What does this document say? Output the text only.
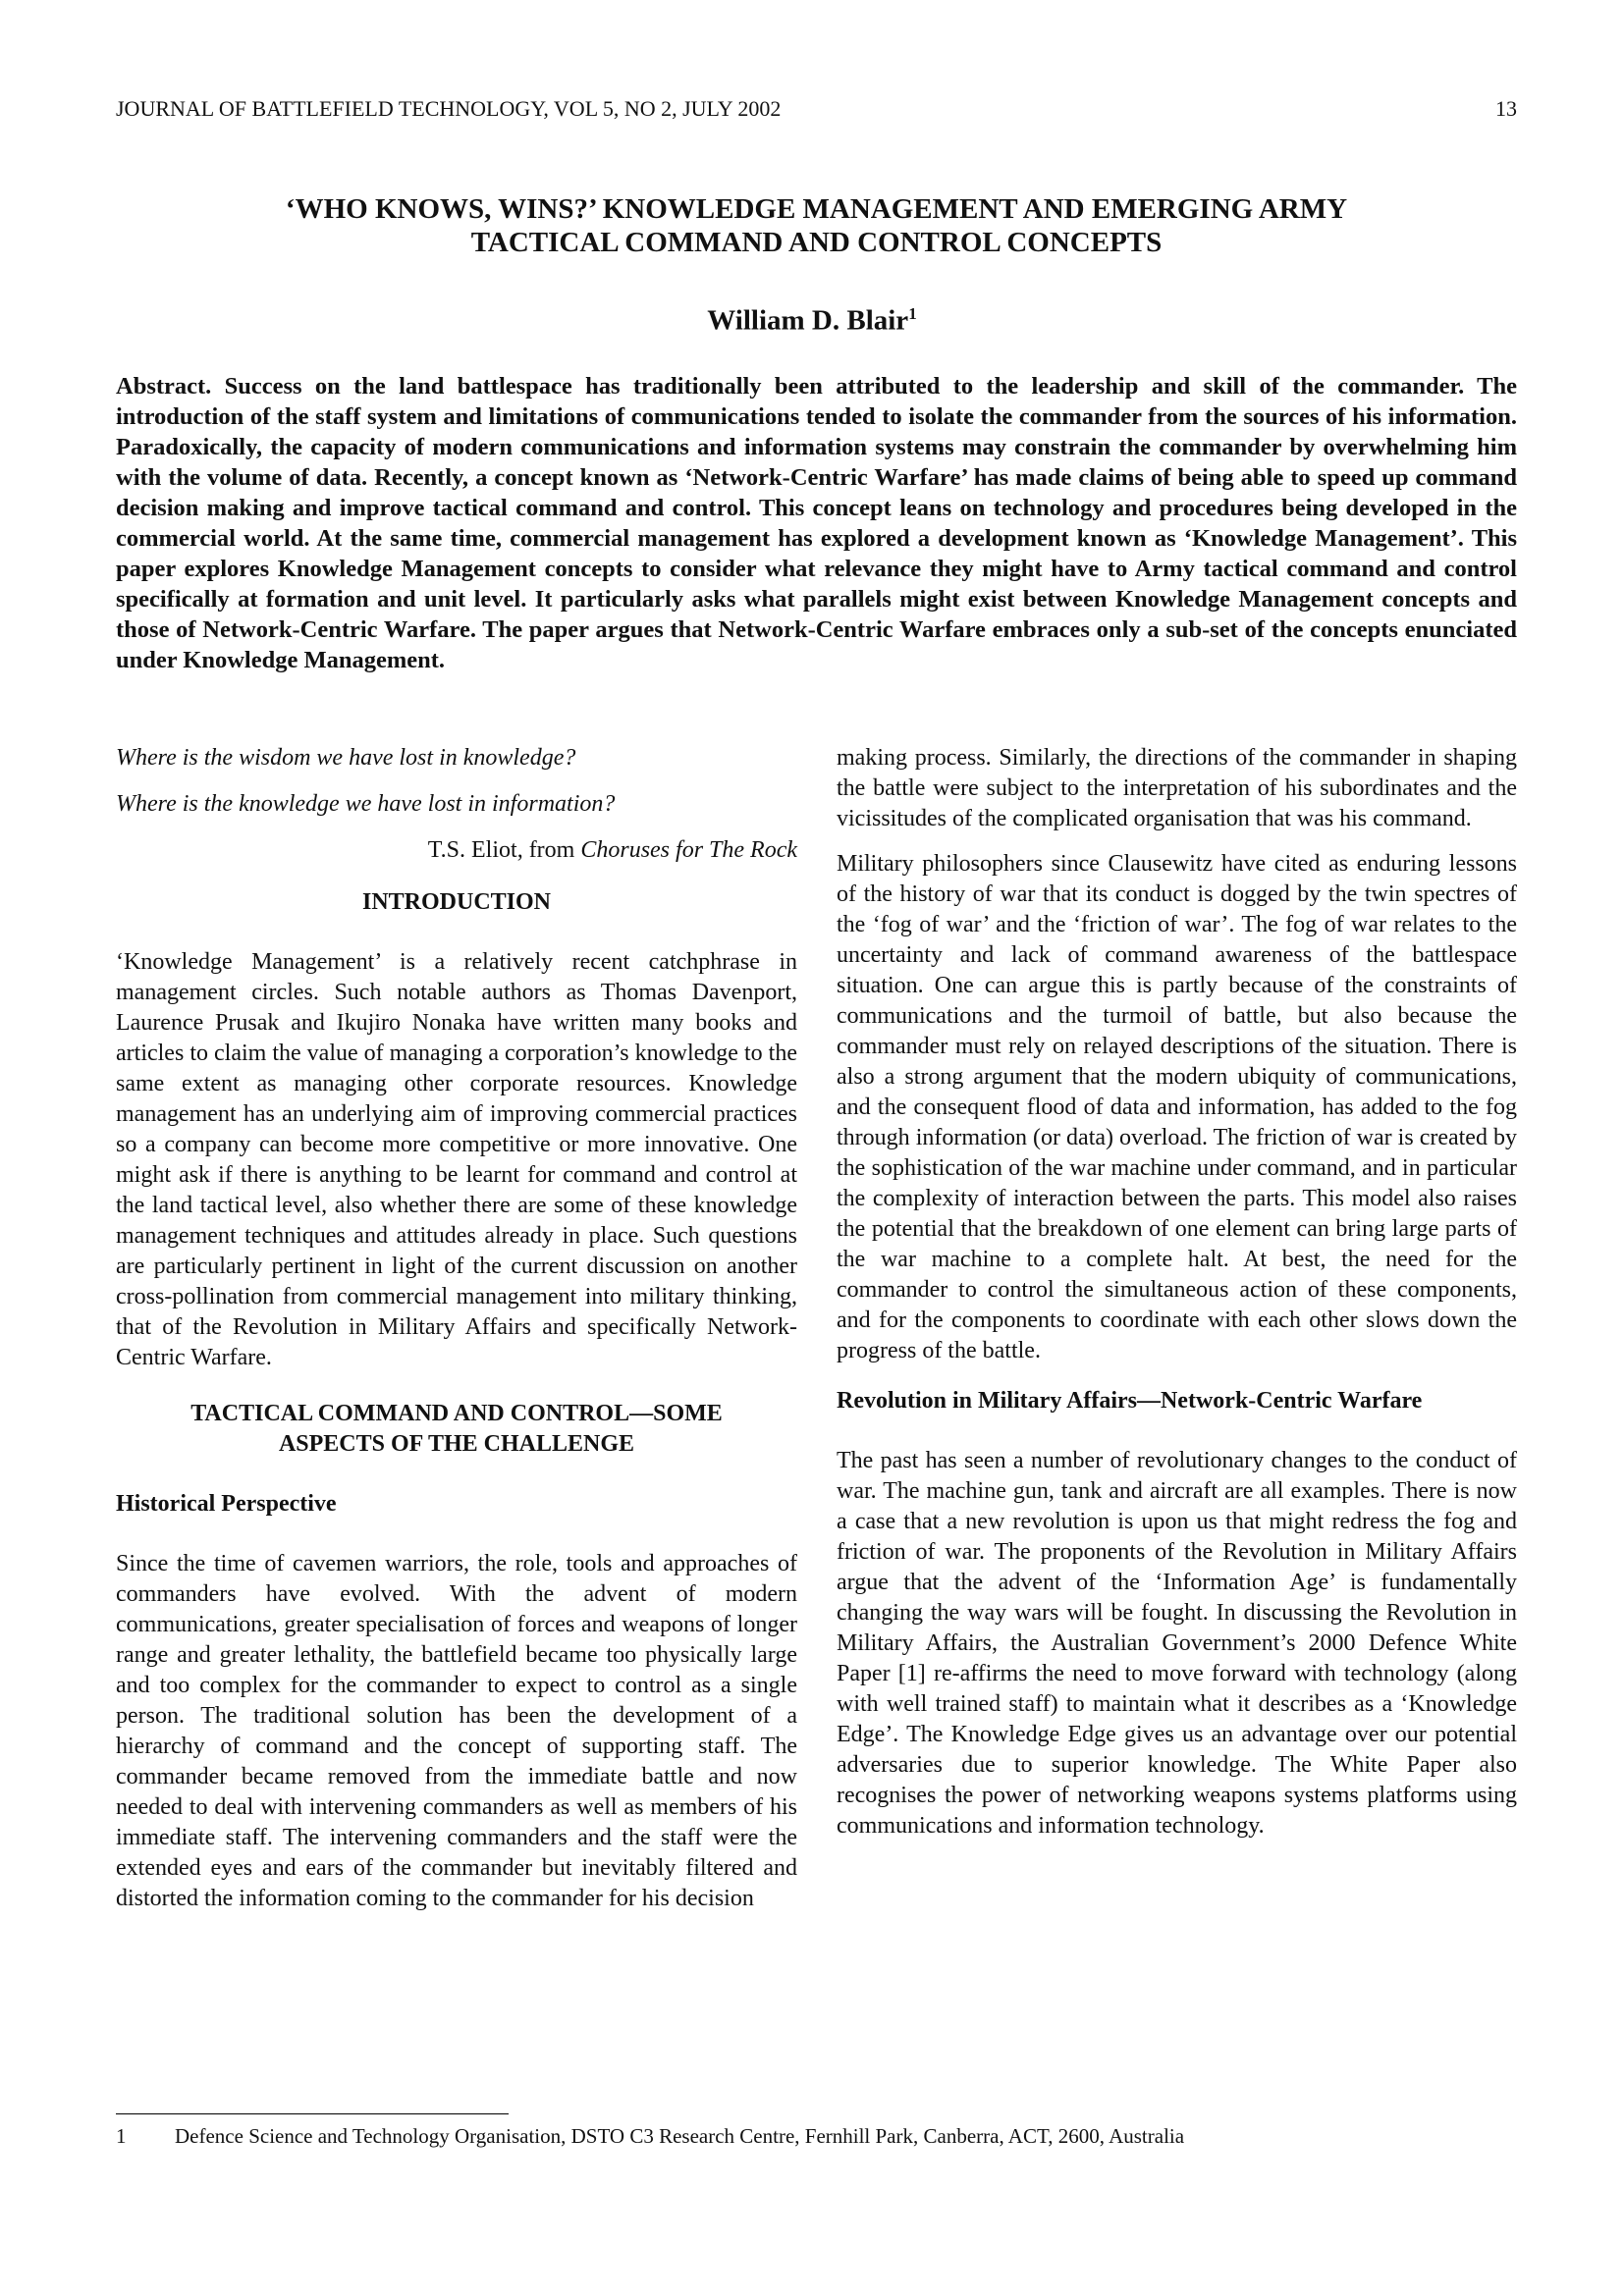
JOURNAL OF BATTLEFIELD TECHNOLOGY, VOL 5, NO 2, JULY 2002	13
‘WHO KNOWS, WINS?’ KNOWLEDGE MANAGEMENT AND EMERGING ARMY
TACTICAL COMMAND AND CONTROL CONCEPTS
William D. Blair$^1$
Abstract. Success on the land battlespace has traditionally been attributed to the leadership and skill of the commander. The introduction of the staff system and limitations of communications tended to isolate the commander from the sources of his information. Paradoxically, the capacity of modern communications and information systems may constrain the commander by overwhelming him with the volume of data. Recently, a concept known as ‘Network-Centric Warfare’ has made claims of being able to speed up command decision making and improve tactical command and control. This concept leans on technology and procedures being developed in the commercial world. At the same time, commercial management has explored a development known as ‘Knowledge Management’. This paper explores Knowledge Management concepts to consider what relevance they might have to Army tactical command and control specifically at formation and unit level. It particularly asks what parallels might exist between Knowledge Management concepts and those of Network-Centric Warfare. The paper argues that Network-Centric Warfare embraces only a sub-set of the concepts enunciated under Knowledge Management.
Where is the wisdom we have lost in knowledge?
Where is the knowledge we have lost in information?
T.S. Eliot, from Choruses for The Rock
INTRODUCTION

‘Knowledge Management’ is a relatively recent catchphrase in management circles. Such notable authors as Thomas Davenport, Laurence Prusak and Ikujiro Nonaka have written many books and articles to claim the value of managing a corporation’s knowledge to the same extent as managing other corporate resources. Knowledge management has an underlying aim of improving commercial practices so a company can become more competitive or more innovative. One might ask if there is anything to be learnt for command and control at the land tactical level, also whether there are some of these knowledge management techniques and attitudes already in place. Such questions are particularly pertinent in light of the current discussion on another cross-pollination from commercial management into military thinking, that of the Revolution in Military Affairs and specifically Network-Centric Warfare.

TACTICAL COMMAND AND CONTROL—SOME ASPECTS OF THE CHALLENGE
Historical Perspective

Since the time of cavemen warriors, the role, tools and approaches of commanders have evolved. With the advent of modern communications, greater specialisation of forces and weapons of longer range and greater lethality, the battlefield became too physically large and too complex for the commander to expect to control as a single person. The traditional solution has been the development of a hierarchy of command and the concept of supporting staff. The commander became removed from the immediate battle and now needed to deal with intervening commanders as well as members of his immediate staff. The intervening commanders and the staff were the extended eyes and ears of the commander but inevitably filtered and distorted the information coming to the commander for his decision

making process. Similarly, the directions of the commander in shaping the battle were subject to the interpretation of his subordinates and the vicissitudes of the complicated organisation that was his command.

Military philosophers since Clausewitz have cited as enduring lessons of the history of war that its conduct is dogged by the twin spectres of the ‘fog of war’ and the ‘friction of war’. The fog of war relates to the uncertainty and lack of command awareness of the battlespace situation. One can argue this is partly because of the constraints of communications and the turmoil of battle, but also because the commander must rely on relayed descriptions of the situation. There is also a strong argument that the modern ubiquity of communications, and the consequent flood of data and information, has added to the fog through information (or data) overload. The friction of war is created by the sophistication of the war machine under command, and in particular the complexity of interaction between the parts. This model also raises the potential that the breakdown of one element can bring large parts of the war machine to a complete halt. At best, the need for the commander to control the simultaneous action of these components, and for the components to coordinate with each other slows down the progress of the battle.

Revolution in Military Affairs—Network-Centric Warfare

The past has seen a number of revolutionary changes to the conduct of war. The machine gun, tank and aircraft are all examples. There is now a case that a new revolution is upon us that might redress the fog and friction of war. The proponents of the Revolution in Military Affairs argue that the advent of the ‘Information Age’ is fundamentally changing the way wars will be fought. In discussing the Revolution in Military Affairs, the Australian Government’s 2000 Defence White Paper [1] re-affirms the need to move forward with technology (along with well trained staff) to maintain what it describes as a ‘Knowledge Edge’. The Knowledge Edge gives us an advantage over our potential adversaries due to superior knowledge. The White Paper also recognises the power of networking weapons systems platforms using communications and information technology.

1 Defence Science and Technology Organisation, DSTO C3 Research Centre, Fernhill Park, Canberra, ACT, 2600, Australia
